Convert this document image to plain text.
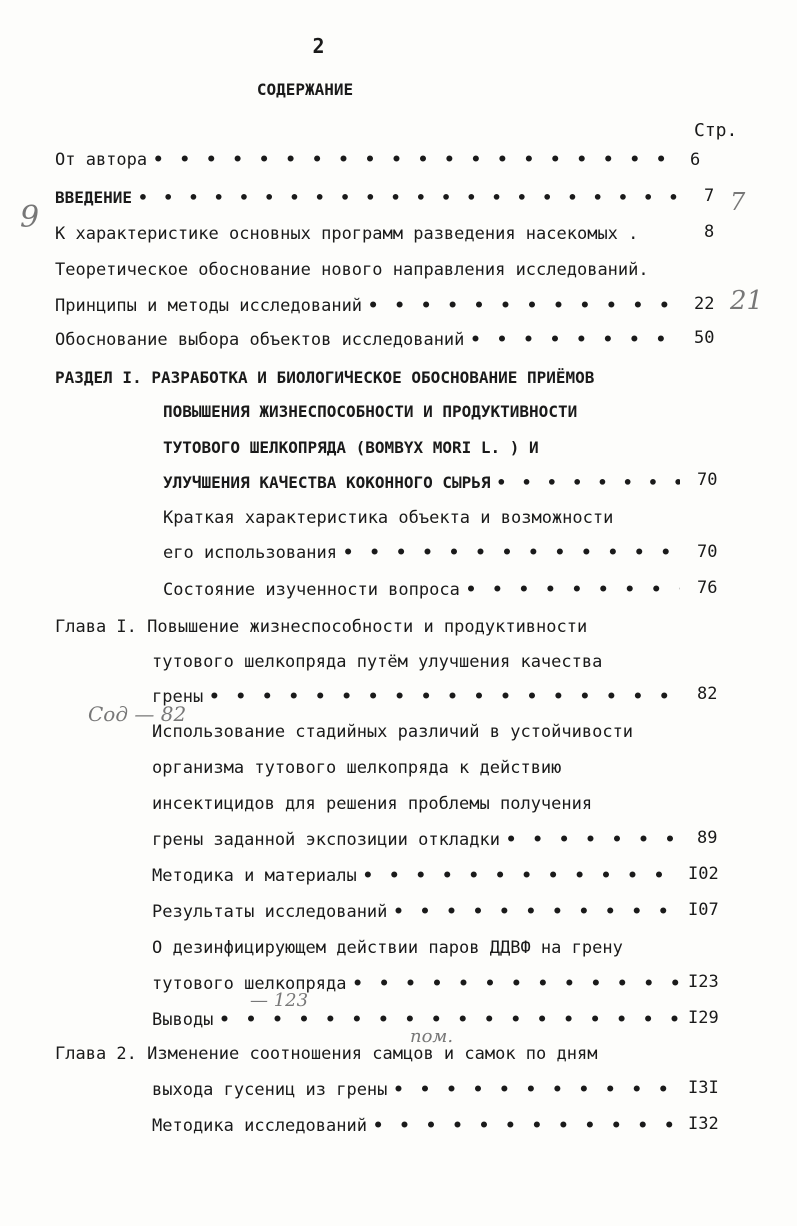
2
СОДЕРЖАНИЕ
Стр.
От автора • • •	6
ВВЕДЕНИЕ • • •	7
К характеристике основных программ разведения насекомых .	8
Теоретическое обоснование нового направления исследований.
Принципы и методы исследований • • •	22
Обоснование выбора объектов исследований • • •	50
РАЗДЕЛ I. РАЗРАБОТКА И БИОЛОГИЧЕСКОЕ ОБОСНОВАНИЕ ПРИЁМОВ
ПОВЫШЕНИЯ ЖИЗНЕСПОСОБНОСТИ И ПРОДУКТИВНОСТИ
ТУТОВОГО ШЕЛКОПРЯДА (BOMBYX MORI L. ) И
УЛУЧШЕНИЯ КАЧЕСТВА КОКОННОГО СЫРЬЯ • • •	70
Краткая характеристика объекта и возможности
его использования • • •	70
Состояние изученности вопроса • • •	76
Глава I. Повышение жизнеспособности и продуктивности
тутового шелкопряда путём улучшения качества
грены • • •	82
Использование стадийных различий в устойчивости
организма тутового шелкопряда к действию
инсектицидов для решения проблемы получения
грены заданной экспозиции откладки • • •	89
Методика и материалы • • •	I02
Результаты исследований • • •	I07
О дезинфицирующем действии паров ДДВФ на грену
тутового шелкопряда • • •	I23
Выводы • • •	I29
Глава 2. Изменение соотношения самцов и самок по дням
выхода гусениц из грены • • •	I3I
Методика исследований • • •	I32
9
21
7
Сод — 82
— 123
пом.
